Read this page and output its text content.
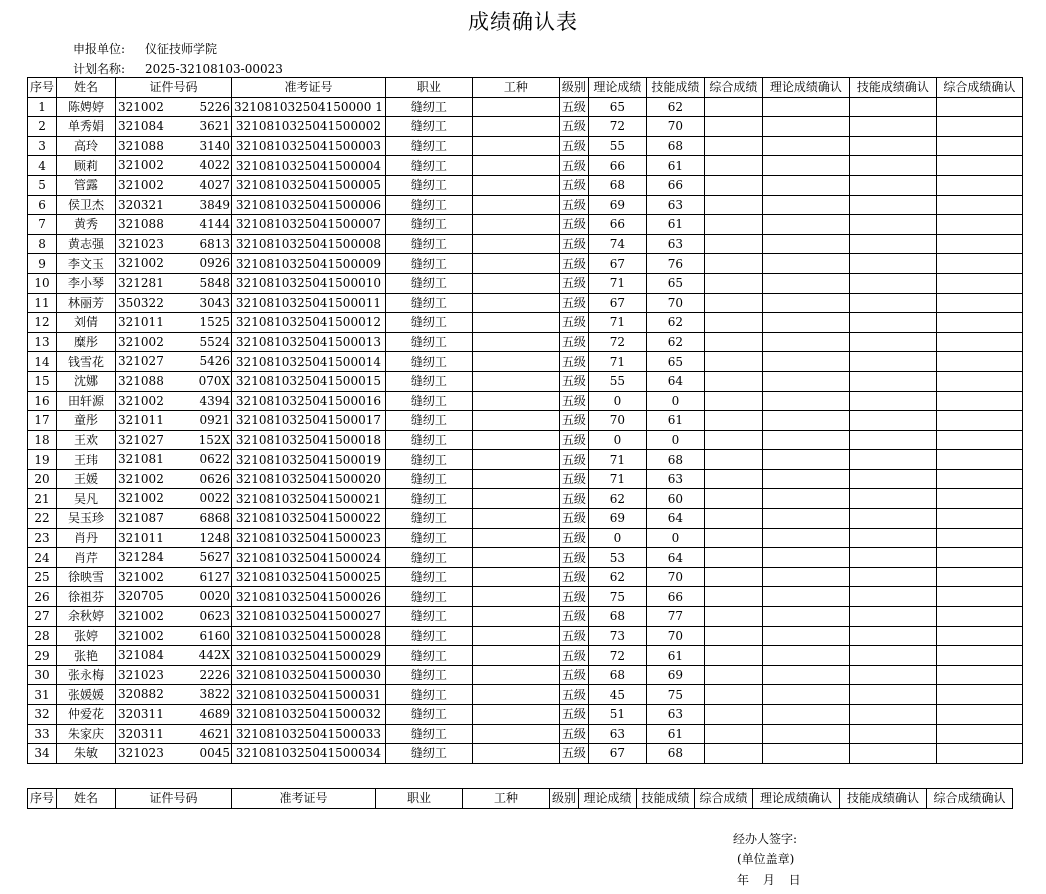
成绩确认表
申报单位: 仪征技师学院
计划名称: 2025-32108103-00023
序号	姓名	证件号码	准考证号	职业	工种	级别	理论成绩	技能成绩	综合成绩	理论成绩确认	技能成绩确认	综合成绩确认
1	陈娉婷	321002 5226	321081032504150000 1	缝纫工		五级	65	62				
2	单秀娟	321084 3621	3210810325041500002	缝纫工		五级	72	70				
3	高玲	321088 3140	3210810325041500003	缝纫工		五级	55	68				
4	顾莉	321002 4022	3210810325041500004	缝纫工		五级	66	61				
5	管露	321002 4027	3210810325041500005	缝纫工		五级	68	66				
6	侯卫杰	320321 3849	3210810325041500006	缝纫工		五级	69	63				
7	黄秀	321088 4144	3210810325041500007	缝纫工		五级	66	61				
8	黄志强	321023 6813	3210810325041500008	缝纫工		五级	74	63				
9	李文玉	321002 0926	3210810325041500009	缝纫工		五级	67	76				
10	李小琴	321281 5848	3210810325041500010	缝纫工		五级	71	65				
11	林丽芳	350322 3043	3210810325041500011	缝纫工		五级	67	70				
12	刘倩	321011 1525	3210810325041500012	缝纫工		五级	71	62				
13	糜彤	321002 5524	3210810325041500013	缝纫工		五级	72	62				
14	钱雪花	321027 5426	3210810325041500014	缝纫工		五级	71	65				
15	沈娜	321088 070X	3210810325041500015	缝纫工		五级	55	64				
16	田轩源	321002 4394	3210810325041500016	缝纫工		五级	0	0				
17	童彤	321011 0921	3210810325041500017	缝纫工		五级	70	61				
18	王欢	321027 152X	3210810325041500018	缝纫工		五级	0	0				
19	王玮	321081 0622	3210810325041500019	缝纫工		五级	71	68				
20	王媛	321002 0626	3210810325041500020	缝纫工		五级	71	63				
21	吴凡	321002 0022	3210810325041500021	缝纫工		五级	62	60				
22	吴玉珍	321087 6868	3210810325041500022	缝纫工		五级	69	64				
23	肖丹	321011 1248	3210810325041500023	缝纫工		五级	0	0				
24	肖芹	321284 5627	3210810325041500024	缝纫工		五级	53	64				
25	徐映雪	321002 6127	3210810325041500025	缝纫工		五级	62	70				
26	徐祖芬	320705 0020	3210810325041500026	缝纫工		五级	75	66				
27	余秋婷	321002 0623	3210810325041500027	缝纫工		五级	68	77				
28	张婷	321002 6160	3210810325041500028	缝纫工		五级	73	70				
29	张艳	321084 442X	3210810325041500029	缝纫工		五级	72	61				
30	张永梅	321023 2226	3210810325041500030	缝纫工		五级	68	69				
31	张媛媛	320882 3822	3210810325041500031	缝纫工		五级	45	75				
32	仲爱花	320311 4689	3210810325041500032	缝纫工		五级	51	63				
33	朱家庆	320311 4621	3210810325041500033	缝纫工		五级	63	61				
34	朱敏	321023 0045	3210810325041500034	缝纫工		五级	67	68				
序号	姓名	证件号码	准考证号	职业	工种	级别	理论成绩	技能成绩	综合成绩	理论成绩确认	技能成绩确认	综合成绩确认
经办人签字:
(单位盖章)
年 月 日
